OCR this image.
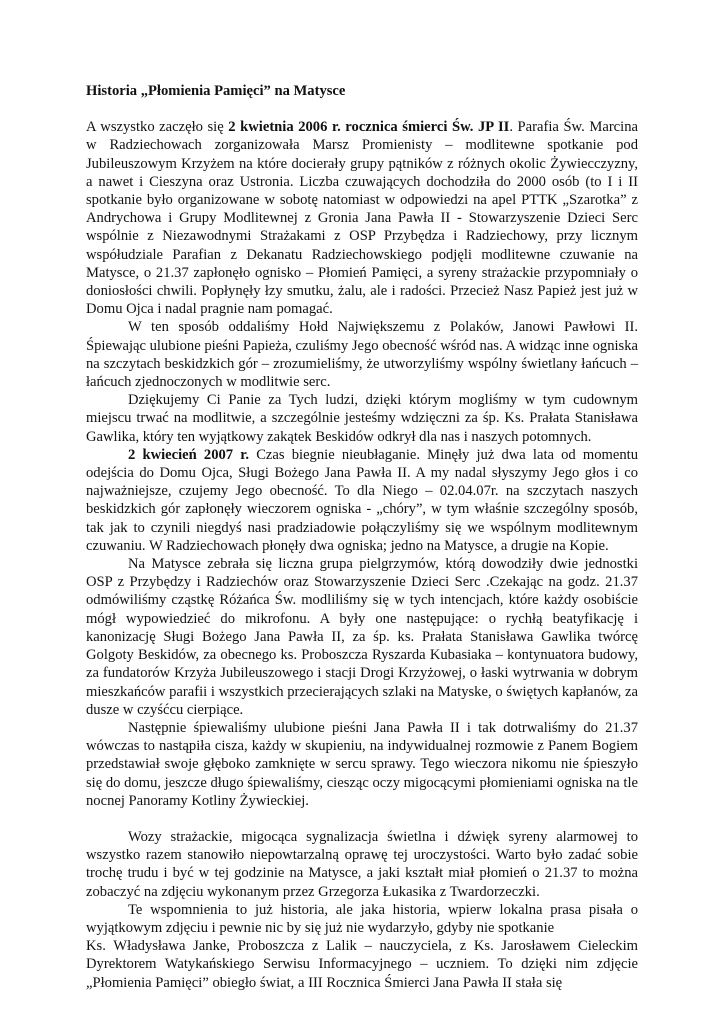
Historia „Płomienia Pamięci” na Matysce

A wszystko zaczęło się 2 kwietnia 2006 r. rocznica śmierci Św. JP II. Parafia Św. Marcina w Radziechowach zorganizowała Marsz Promienisty – modlitewne spotkanie pod Jubileuszowym Krzyżem na które docierały grupy pątników z różnych okolic Żywiecczyzny, a nawet i Cieszyna oraz Ustronia. Liczba czuwających dochodziła do 2000 osób (to I i II spotkanie było organizowane w sobotę natomiast w odpowiedzi na apel PTTK „Szarotka” z Andrychowa i Grupy Modlitewnej z Gronia Jana Pawła II - Stowarzyszenie Dzieci Serc wspólnie z Niezawodnymi Strażakami z OSP Przybędza i Radziechowy, przy licznym współudziale Parafian z Dekanatu Radziechowskiego podjęli modlitewne czuwanie na Matysce, o 21.37 zapłonęło ognisko – Płomień Pamięci, a syreny strażackie przypomniały o doniosłości chwili. Popłynęły łzy smutku, żalu, ale i radości. Przecież Nasz Papież jest już w Domu Ojca i nadal pragnie nam pomagać.

W ten sposób oddaliśmy Hołd Największemu z Polaków, Janowi Pawłowi II. Śpiewając ulubione pieśni Papieża, czuliśmy Jego obecność wśród nas. A widząc inne ogniska na szczytach beskidzkich gór – zrozumieliśmy, że utworzyliśmy wspólny świetlany łańcuch – łańcuch zjednoczonych w modlitwie serc.

Dziękujemy Ci Panie za Tych ludzi, dzięki którym mogliśmy w tym cudownym miejscu trwać na modlitwie, a szczególnie jesteśmy wdzięczni za śp. Ks. Prałata Stanisława Gawlika, który ten wyjątkowy zakątek Beskidów odkrył dla nas i naszych potomnych.

2 kwiecień 2007 r. Czas biegnie nieubłaganie. Minęły już dwa lata od momentu odejścia do Domu Ojca, Sługi Bożego Jana Pawła II. A my nadal słyszymy Jego głos i co najważniejsze, czujemy Jego obecność. To dla Niego – 02.04.07r. na szczytach naszych beskidzkich gór zapłonęły wieczorem ogniska - „chóry”, w tym właśnie szczególny sposób, tak jak to czynili niegdyś nasi pradziadowie połączyliśmy się we wspólnym modlitewnym czuwaniu. W Radziechowach płonęły dwa ogniska; jedno na Matysce, a drugie na Kopie.

Na Matysce zebrała się liczna grupa pielgrzymów, którą dowodziły dwie jednostki OSP z Przybędzy i Radziechów oraz Stowarzyszenie Dzieci Serc .Czekając na godz. 21.37 odmówiliśmy cząstkę Różańca Św. modliliśmy się w tych intencjach, które każdy osobiście mógł wypowiedzieć do mikrofonu. A były one następujące: o rychłą beatyfikację i kanonizację Sługi Bożego Jana Pawła II, za śp. ks. Prałata Stanisława Gawlika twórcę Golgoty Beskidów, za obecnego ks. Proboszcza Ryszarda Kubasiaka – kontynuatora budowy, za fundatorów Krzyża Jubileuszowego i stacji Drogi Krzyżowej, o łaski wytrwania w dobrym mieszkańców parafii i wszystkich przecierających szlaki na Matyske, o świętych kapłanów, za dusze w czyśćcu cierpiące.

Następnie śpiewaliśmy ulubione pieśni Jana Pawła II i tak dotrwaliśmy do 21.37 wówczas to nastąpiła cisza, każdy w skupieniu, na indywidualnej rozmowie z Panem Bogiem przedstawiał swoje głęboko zamknięte w sercu sprawy. Tego wieczora nikomu nie śpieszyło się do domu, jeszcze długo śpiewaliśmy, ciesząc oczy migocącymi płomieniami ogniska na tle nocnej Panoramy Kotliny Żywieckiej.

Wozy strażackie, migocąca sygnalizacja świetlna i dźwięk syreny alarmowej to wszystko razem stanowiło niepowtarzalną oprawę tej uroczystości. Warto było zadać sobie trochę trudu i być w tej godzinie na Matysce, a jaki kształt miał płomień o 21.37 to można zobaczyć na zdjęciu wykonanym przez Grzegorza Łukasika z Twardorzeczki.

Te wspomnienia to już historia, ale jaka historia, wpierw lokalna prasa pisała o wyjątkowym zdjęciu i pewnie nic by się już nie wydarzyło, gdyby nie spotkanie

Ks. Władysława Janke, Proboszcza z Lalik – nauczyciela, z Ks. Jarosławem Cieleckim Dyrektorem Watykańskiego Serwisu Informacyjnego – uczniem. To dzięki nim zdjęcie „Płomienia Pamięci” obiegło świat, a III Rocznica Śmierci Jana Pawła II stała się
